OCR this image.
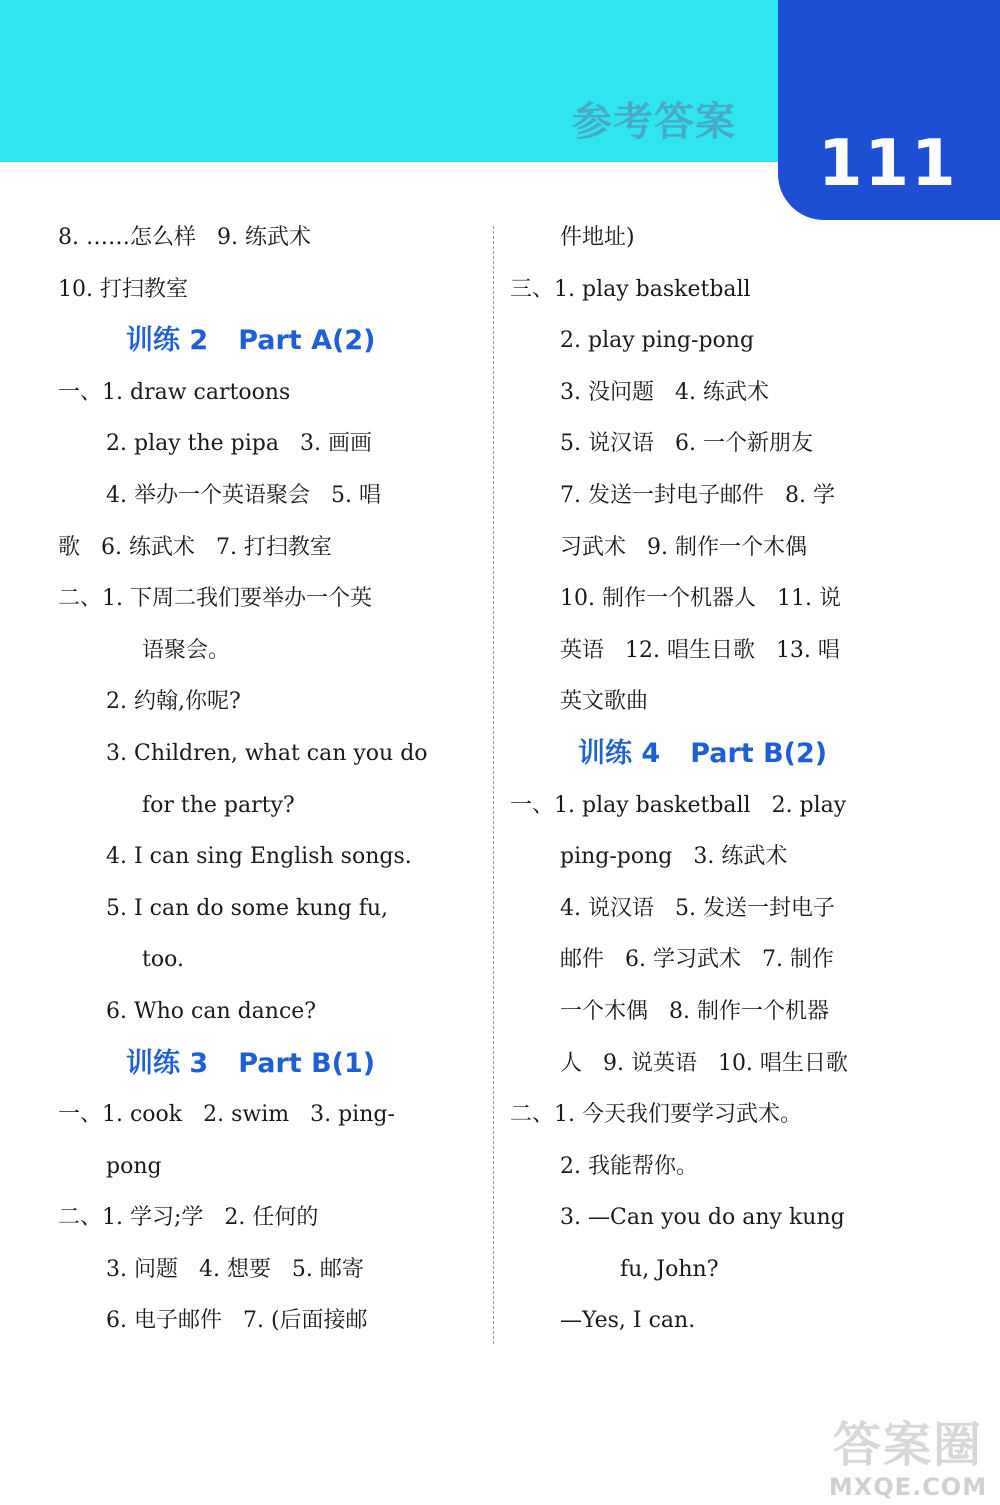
参考答案
111
8. ……怎么样   9. 练武术
10. 打扫教室
训练 2 Part A(2)
一、1. draw cartoons
2. play the pipa   3. 画画
4. 举办一个英语聚会   5. 唱
歌   6. 练武术   7. 打扫教室
二、1. 下周二我们要举办一个英
语聚会。
2. 约翰,你呢?
3. Children, what can you do
for the party?
4. I can sing English songs.
5. I can do some kung fu,
too.
6. Who can dance?
训练 3 Part B(1)
一、1. cook   2. swim   3. ping-
pong
二、1. 学习;学   2. 任何的
3. 问题   4. 想要   5. 邮寄
6. 电子邮件   7. (后面接邮
件地址)
三、1. play basketball
2. play ping-pong
3. 没问题   4. 练武术
5. 说汉语   6. 一个新朋友
7. 发送一封电子邮件   8. 学
习武术   9. 制作一个木偶
10. 制作一个机器人   11. 说
英语   12. 唱生日歌   13. 唱
英文歌曲
训练 4 Part B(2)
一、1. play basketball   2. play
ping-pong   3. 练武术
4. 说汉语   5. 发送一封电子
邮件   6. 学习武术   7. 制作
一个木偶   8. 制作一个机器
人   9. 说英语   10. 唱生日歌
二、1. 今天我们要学习武术。
2. 我能帮你。
3. —Can you do any kung
fu, John?
—Yes, I can.
答案圈
MXQE.COM
